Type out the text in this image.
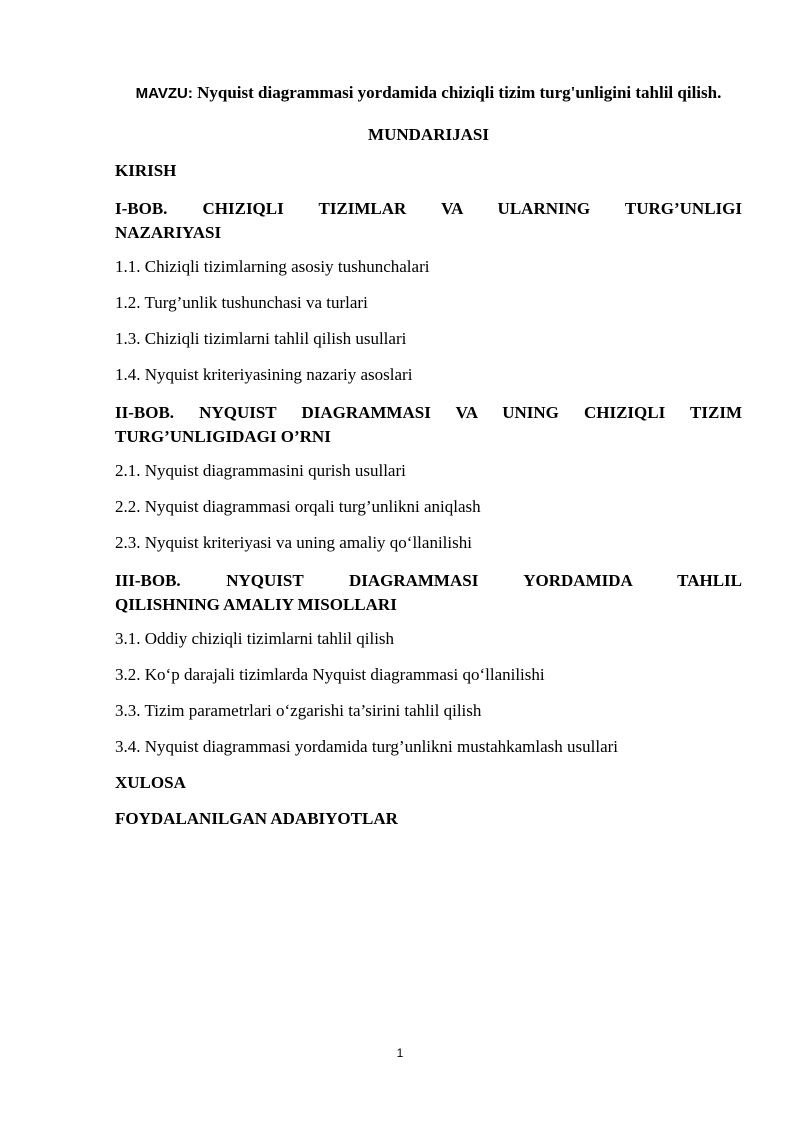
MAVZU: Nyquist diagrammasi yordamida chiziqli tizim turg'unligini tahlil qilish.

MUNDARIJASI

KIRISH
I-BOB. CHIZIQLI TIZIMLAR VA ULARNING TURG’UNLIGI
NAZARIYASI
1.1. Chiziqli tizimlarning asosiy tushunchalari
1.2. Turg’unlik tushunchasi va turlari
1.3. Chiziqli tizimlarni tahlil qilish usullari
1.4. Nyquist kriteriyasining nazariy asoslari
II-BOB. NYQUIST DIAGRAMMASI VA UNING CHIZIQLI TIZIM
TURG’UNLIGIDAGI O’RNI
2.1. Nyquist diagrammasini qurish usullari
2.2. Nyquist diagrammasi orqali turg’unlikni aniqlash
2.3. Nyquist kriteriyasi va uning amaliy qo‘llanilishi
III-BOB. NYQUIST DIAGRAMMASI YORDAMIDA TAHLIL
QILISHNING AMALIY MISOLLARI
3.1. Oddiy chiziqli tizimlarni tahlil qilish
3.2. Ko‘p darajali tizimlarda Nyquist diagrammasi qo‘llanilishi
3.3. Tizim parametrlari o‘zgarishi ta’sirini tahlil qilish
3.4. Nyquist diagrammasi yordamida turg’unlikni mustahkamlash usullari
XULOSA
FOYDALANILGAN ADABIYOTLAR
1
